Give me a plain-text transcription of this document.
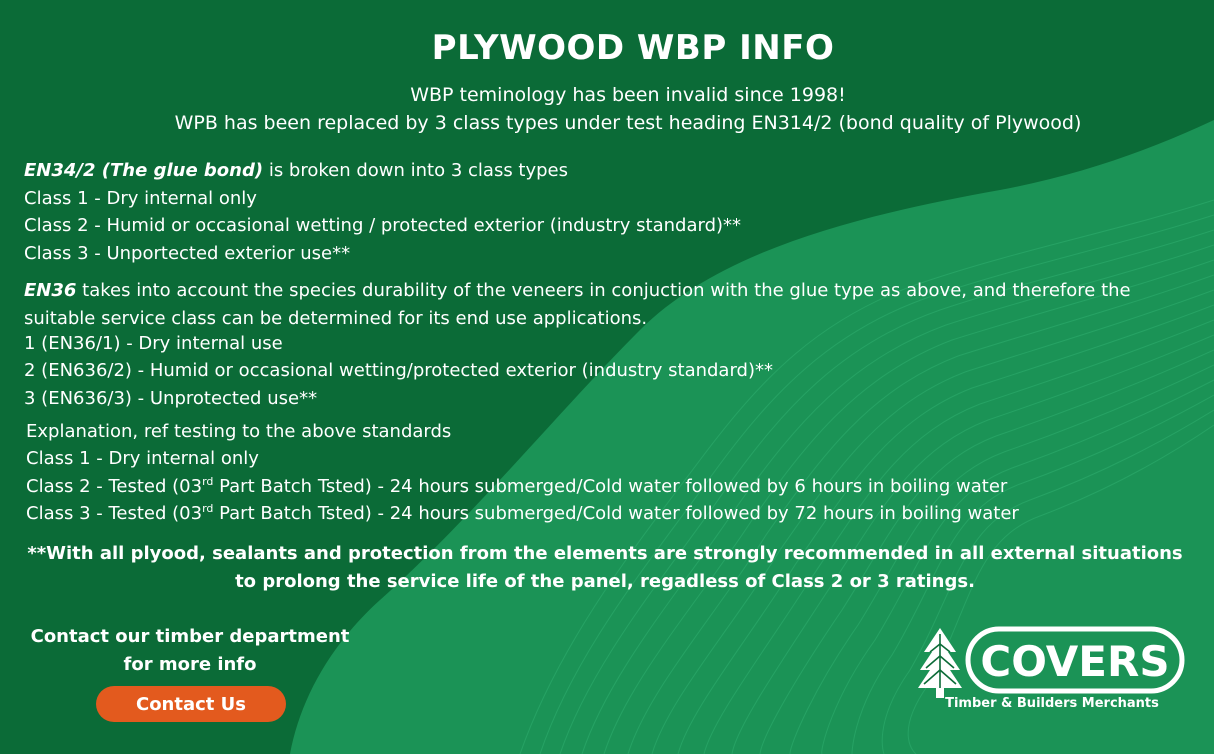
PLYWOOD WBP INFO
WBP teminology has been invalid since 1998!
WPB has been replaced by 3 class types under test heading EN314/2 (bond quality of Plywood)
EN34/2 (The glue bond) is broken down into 3 class types
Class 1 - Dry internal only
Class 2 - Humid or occasional wetting / protected exterior (industry standard)**
Class 3 - Unportected exterior use**
EN36 takes into account the species durability of the veneers in conjuction with the glue type as above, and therefore the suitable service class can be determined for its end use applications.
1 (EN36/1) - Dry internal use
2 (EN636/2) - Humid or occasional wetting/protected exterior (industry standard)**
3 (EN636/3) - Unprotected use**
Explanation, ref testing to the above standards
Class 1 - Dry internal only
Class 2 - Tested (03rd Part Batch Tsted) - 24 hours submerged/Cold water followed by 6 hours in boiling water
Class 3 - Tested (03rd Part Batch Tsted) - 24 hours submerged/Cold water followed by 72 hours in boiling water
**With all plyood, sealants and protection from the elements are strongly recommended in all external situations to prolong the service life of the panel, regadless of Class 2 or 3 ratings.
Contact our timber department
for more info
Contact Us
COVERS
Timber & Builders Merchants
